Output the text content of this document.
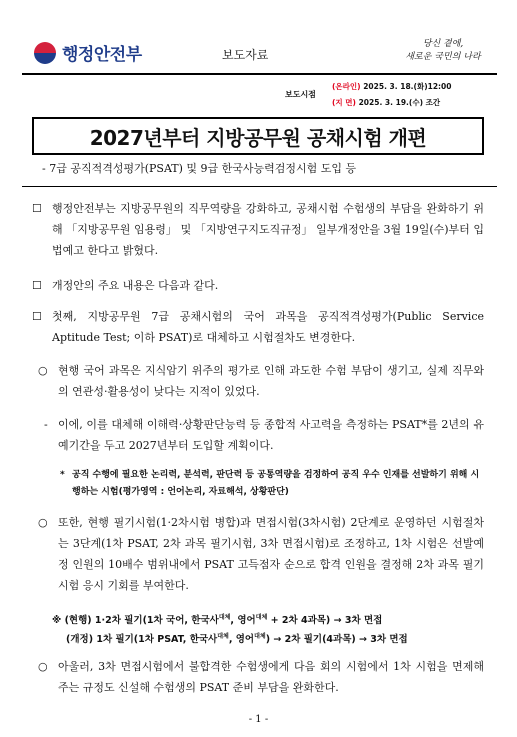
행정안전부	보도자료
당신 곁에,
새로운 국민의 나라
보도시점
(온라인) 2025. 3. 18.(화)12:00
(지 면) 2025. 3. 19.(수) 조간
2027년부터 지방공무원 공채시험 개편
- 7급 공직적격성평가(PSAT) 및 9급 한국사능력검정시험 도입 등
☐ 행정안전부는 지방공무원의 직무역량을 강화하고, 공채시험 수험생의 부담을 완화하기 위해 「지방공무원 임용령」 및 「지방연구지도직규정」 일부개정안을 3월 19일(수)부터 입법예고 한다고 밝혔다.
☐ 개정안의 주요 내용은 다음과 같다.
☐ 첫째, 지방공무원 7급 공채시험의 국어 과목을 공직적격성평가(Public Service Aptitude Test; 이하 PSAT)로 대체하고 시험절차도 변경한다.
○ 현행 국어 과목은 지식암기 위주의 평가로 인해 과도한 수험 부담이 생기고, 실제 직무와의 연관성·활용성이 낮다는 지적이 있었다.
- 이에, 이를 대체해 이해력·상황판단능력 등 종합적 사고력을 측정하는 PSAT*를 2년의 유예기간을 두고 2027년부터 도입할 계획이다.
* 공직 수행에 필요한 논리력, 분석력, 판단력 등 공통역량을 검정하여 공직 우수 인재를 선발하기 위해 시행하는 시험(평가영역 : 언어논리, 자료해석, 상황판단)
○ 또한, 현행 필기시험(1·2차시험 병합)과 면접시험(3차시험) 2단계로 운영하던 시험절차는 3단계(1차 PSAT, 2차 과목 필기시험, 3차 면접시험)로 조정하고, 1차 시험은 선발예정 인원의 10배수 범위내에서 PSAT 고득점자 순으로 합격 인원을 결정해 2차 과목 필기시험 응시 기회를 부여한다.
※ (현행) 1·2차 필기(1차 국어, 한국사$^{대체}$, 영어$^{대체}$ + 2차 4과목) → 3차 면접
(개정) 1차 필기(1차 PSAT, 한국사$^{대체}$, 영어$^{대체}$) → 2차 필기(4과목) → 3차 면접
○ 아울러, 3차 면접시험에서 불합격한 수험생에게 다음 회의 시험에서 1차 시험을 면제해 주는 규정도 신설해 수험생의 PSAT 준비 부담을 완화한다.
- 1 -
